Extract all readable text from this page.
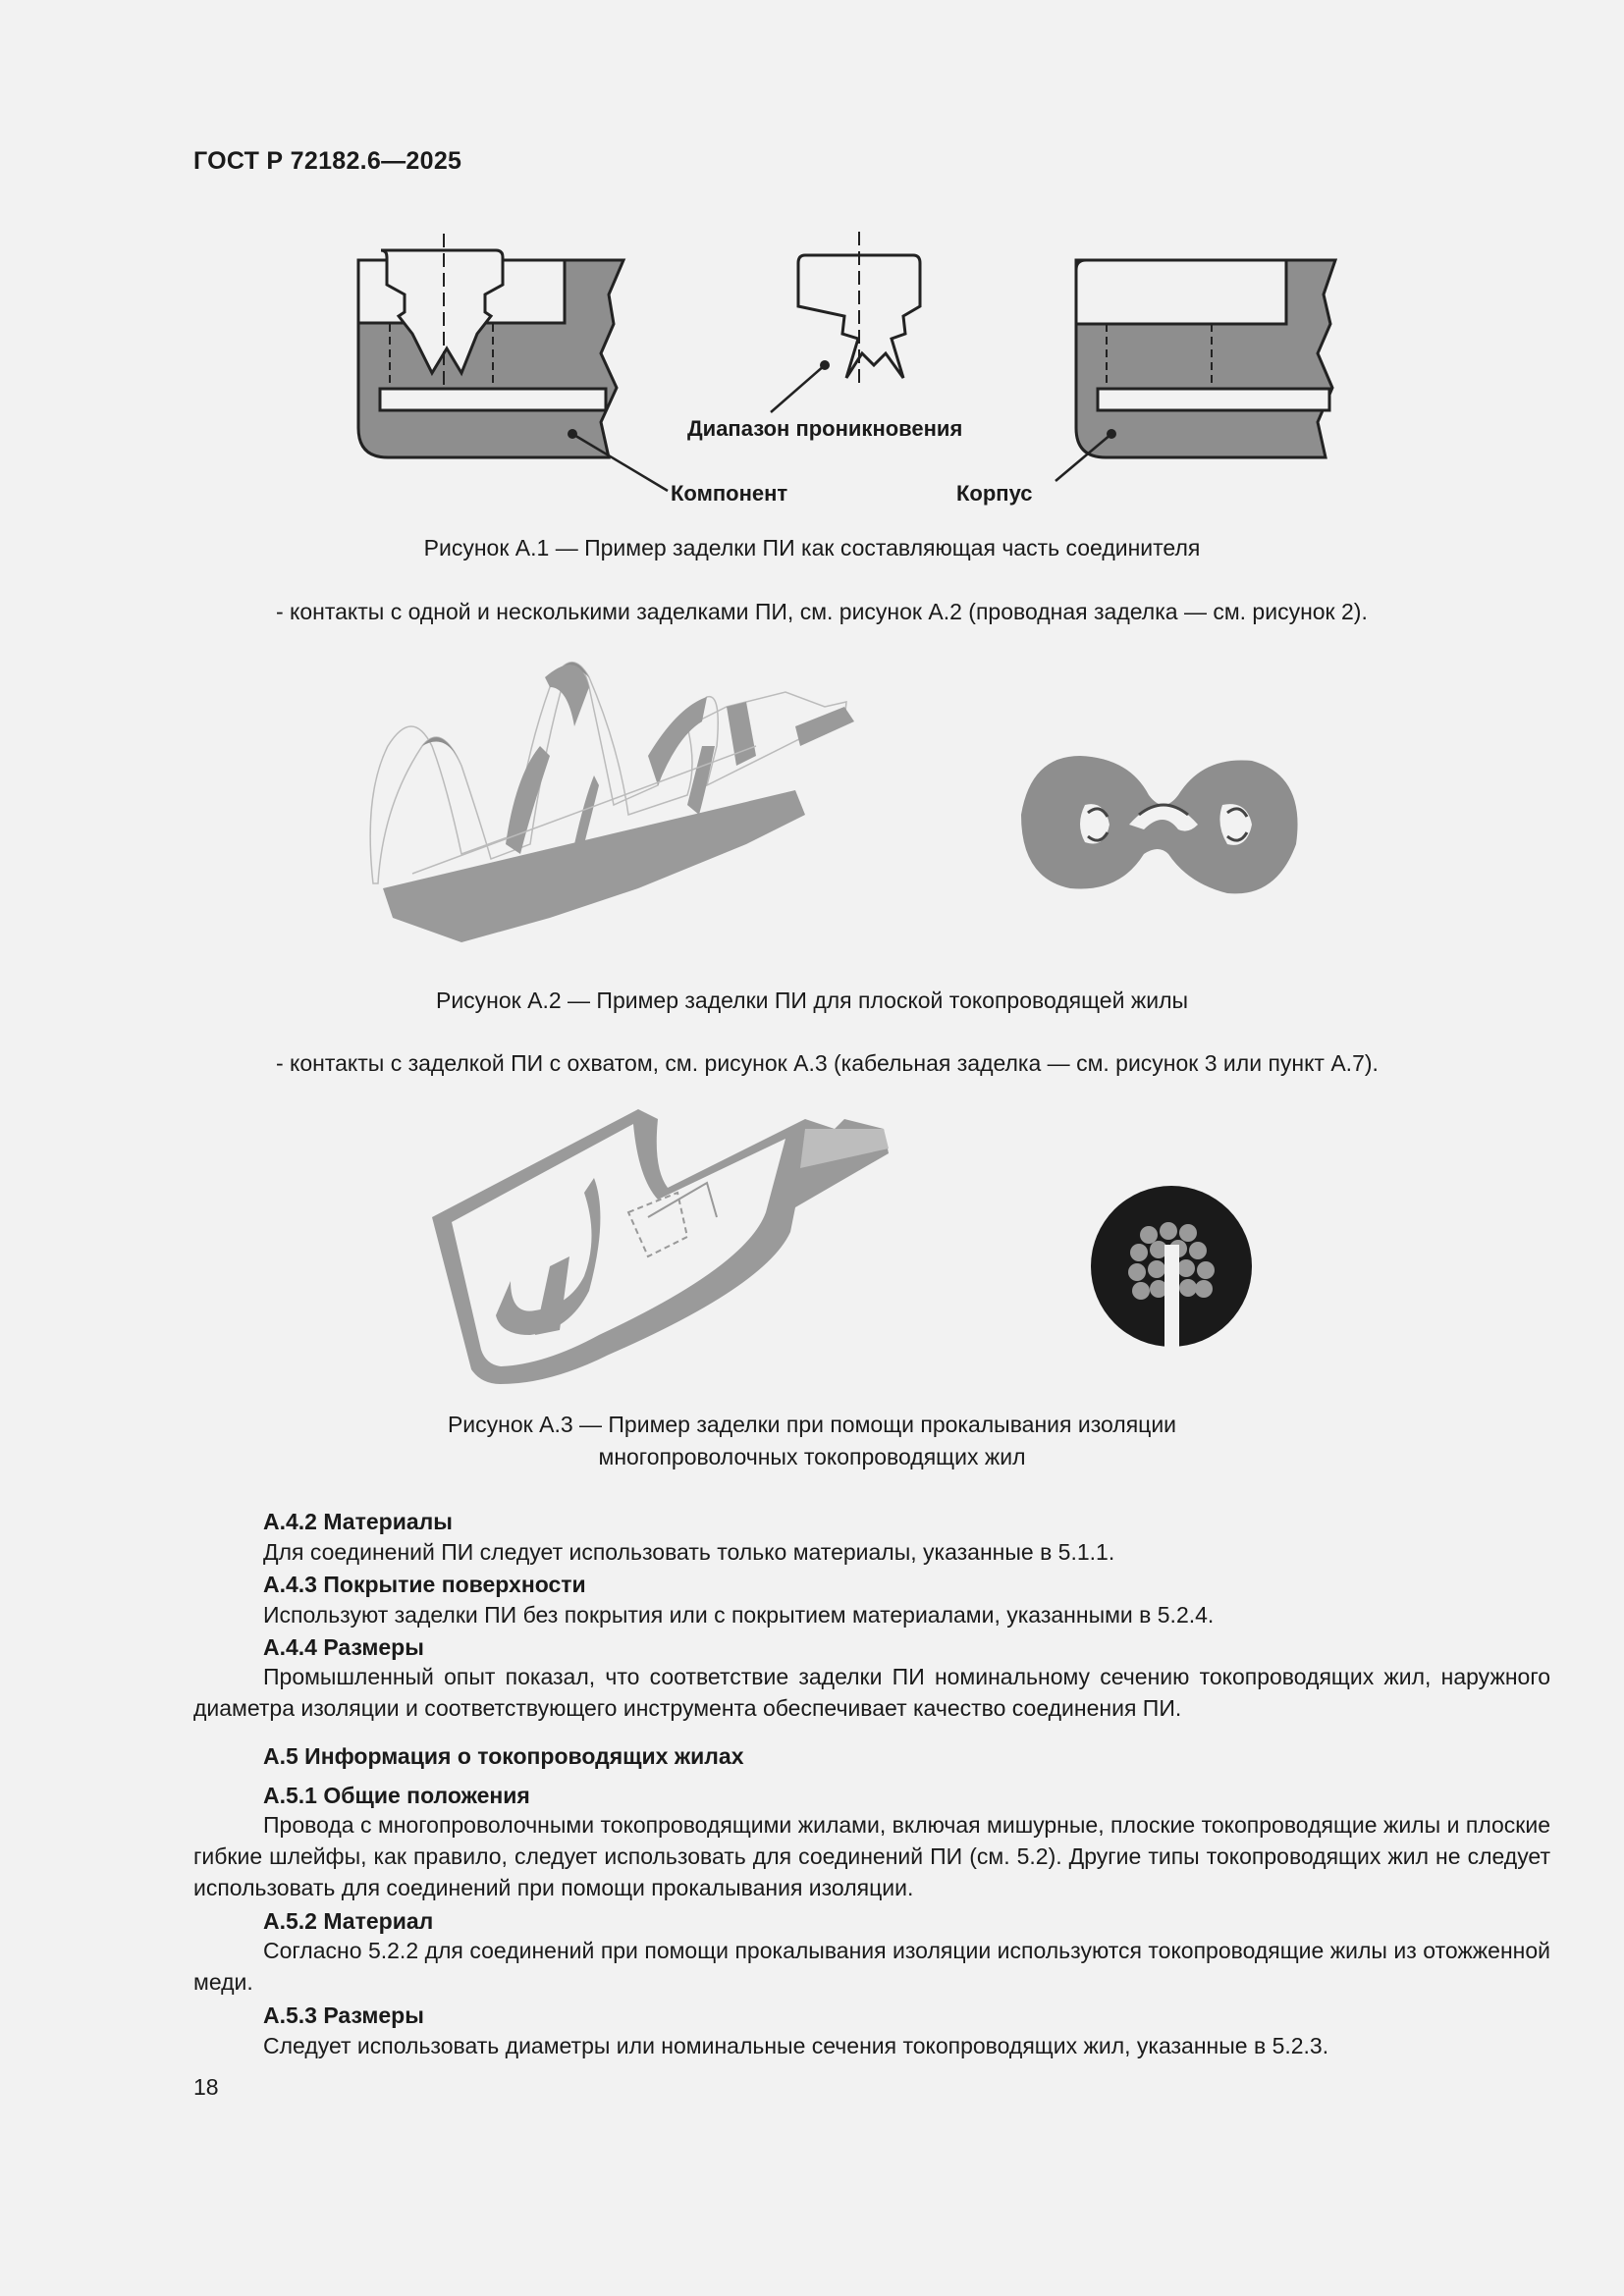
ГОСТ Р 72182.6—2025
Диапазон проникновения
Компонент	Корпус
Рисунок А.1 — Пример заделки ПИ как составляющая часть соединителя
- контакты с одной и несколькими заделками ПИ, см. рисунок А.2 (проводная заделка — см. рисунок 2).
Рисунок А.2 — Пример заделки ПИ для плоской токопроводящей жилы
- контакты с заделкой ПИ с охватом, см. рисунок А.3 (кабельная заделка — см. рисунок 3 или пункт А.7).
Рисунок А.3 — Пример заделки при помощи прокалывания изоляции
многопроволочных токопроводящих жил
А.4.2 Материалы
Для соединений ПИ следует использовать только материалы, указанные в 5.1.1.
А.4.3 Покрытие поверхности
Используют заделки ПИ без покрытия или с покрытием материалами, указанными в 5.2.4.
А.4.4 Размеры
Промышленный опыт показал, что соответствие заделки ПИ номинальному сечению токопроводящих жил, наружного диаметра изоляции и соответствующего инструмента обеспечивает качество соединения ПИ.
А.5 Информация о токопроводящих жилах
А.5.1 Общие положения
Провода с многопроволочными токопроводящими жилами, включая мишурные, плоские токопроводящие жилы и плоские гибкие шлейфы, как правило, следует использовать для соединений ПИ (см. 5.2). Другие типы токопроводящих жил не следует использовать для соединений при помощи прокалывания изоляции.
А.5.2 Материал
Согласно 5.2.2 для соединений при помощи прокалывания изоляции используются токопроводящие жилы из отожженной меди.
А.5.3 Размеры
Следует использовать диаметры или номинальные сечения токопроводящих жил, указанные в 5.2.3.
18
